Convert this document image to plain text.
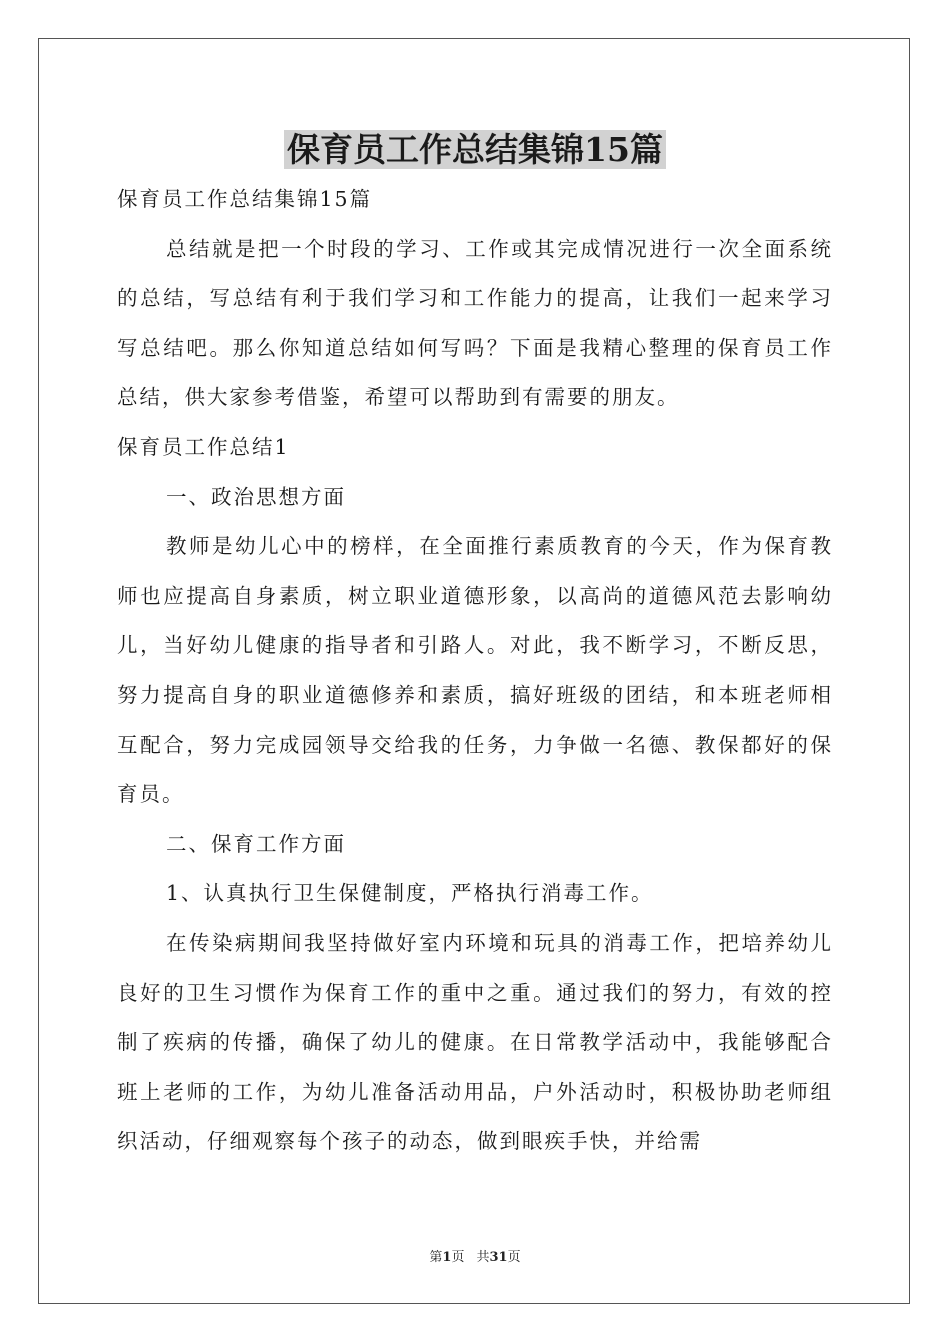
保育员工作总结集锦15篇

保育员工作总结集锦15篇

总结就是把一个时段的学习、工作或其完成情况进行一次全面系统的总结，写总结有利于我们学习和工作能力的提高，让我们一起来学习写总结吧。那么你知道总结如何写吗？下面是我精心整理的保育员工作总结，供大家参考借鉴，希望可以帮助到有需要的朋友。

保育员工作总结1

一、政治思想方面

教师是幼儿心中的榜样，在全面推行素质教育的今天，作为保育教师也应提高自身素质，树立职业道德形象，以高尚的道德风范去影响幼儿，当好幼儿健康的指导者和引路人。对此，我不断学习，不断反思，努力提高自身的职业道德修养和素质，搞好班级的团结，和本班老师相互配合，努力完成园领导交给我的任务，力争做一名德、教保都好的保育员。

二、保育工作方面

1、认真执行卫生保健制度，严格执行消毒工作。

在传染病期间我坚持做好室内环境和玩具的消毒工作，把培养幼儿良好的卫生习惯作为保育工作的重中之重。通过我们的努力，有效的控制了疾病的传播，确保了幼儿的健康。在日常教学活动中，我能够配合班上老师的工作，为幼儿准备活动用品，户外活动时，积极协助老师组织活动，仔细观察每个孩子的动态，做到眼疾手快，并给需

第1页 共31页
